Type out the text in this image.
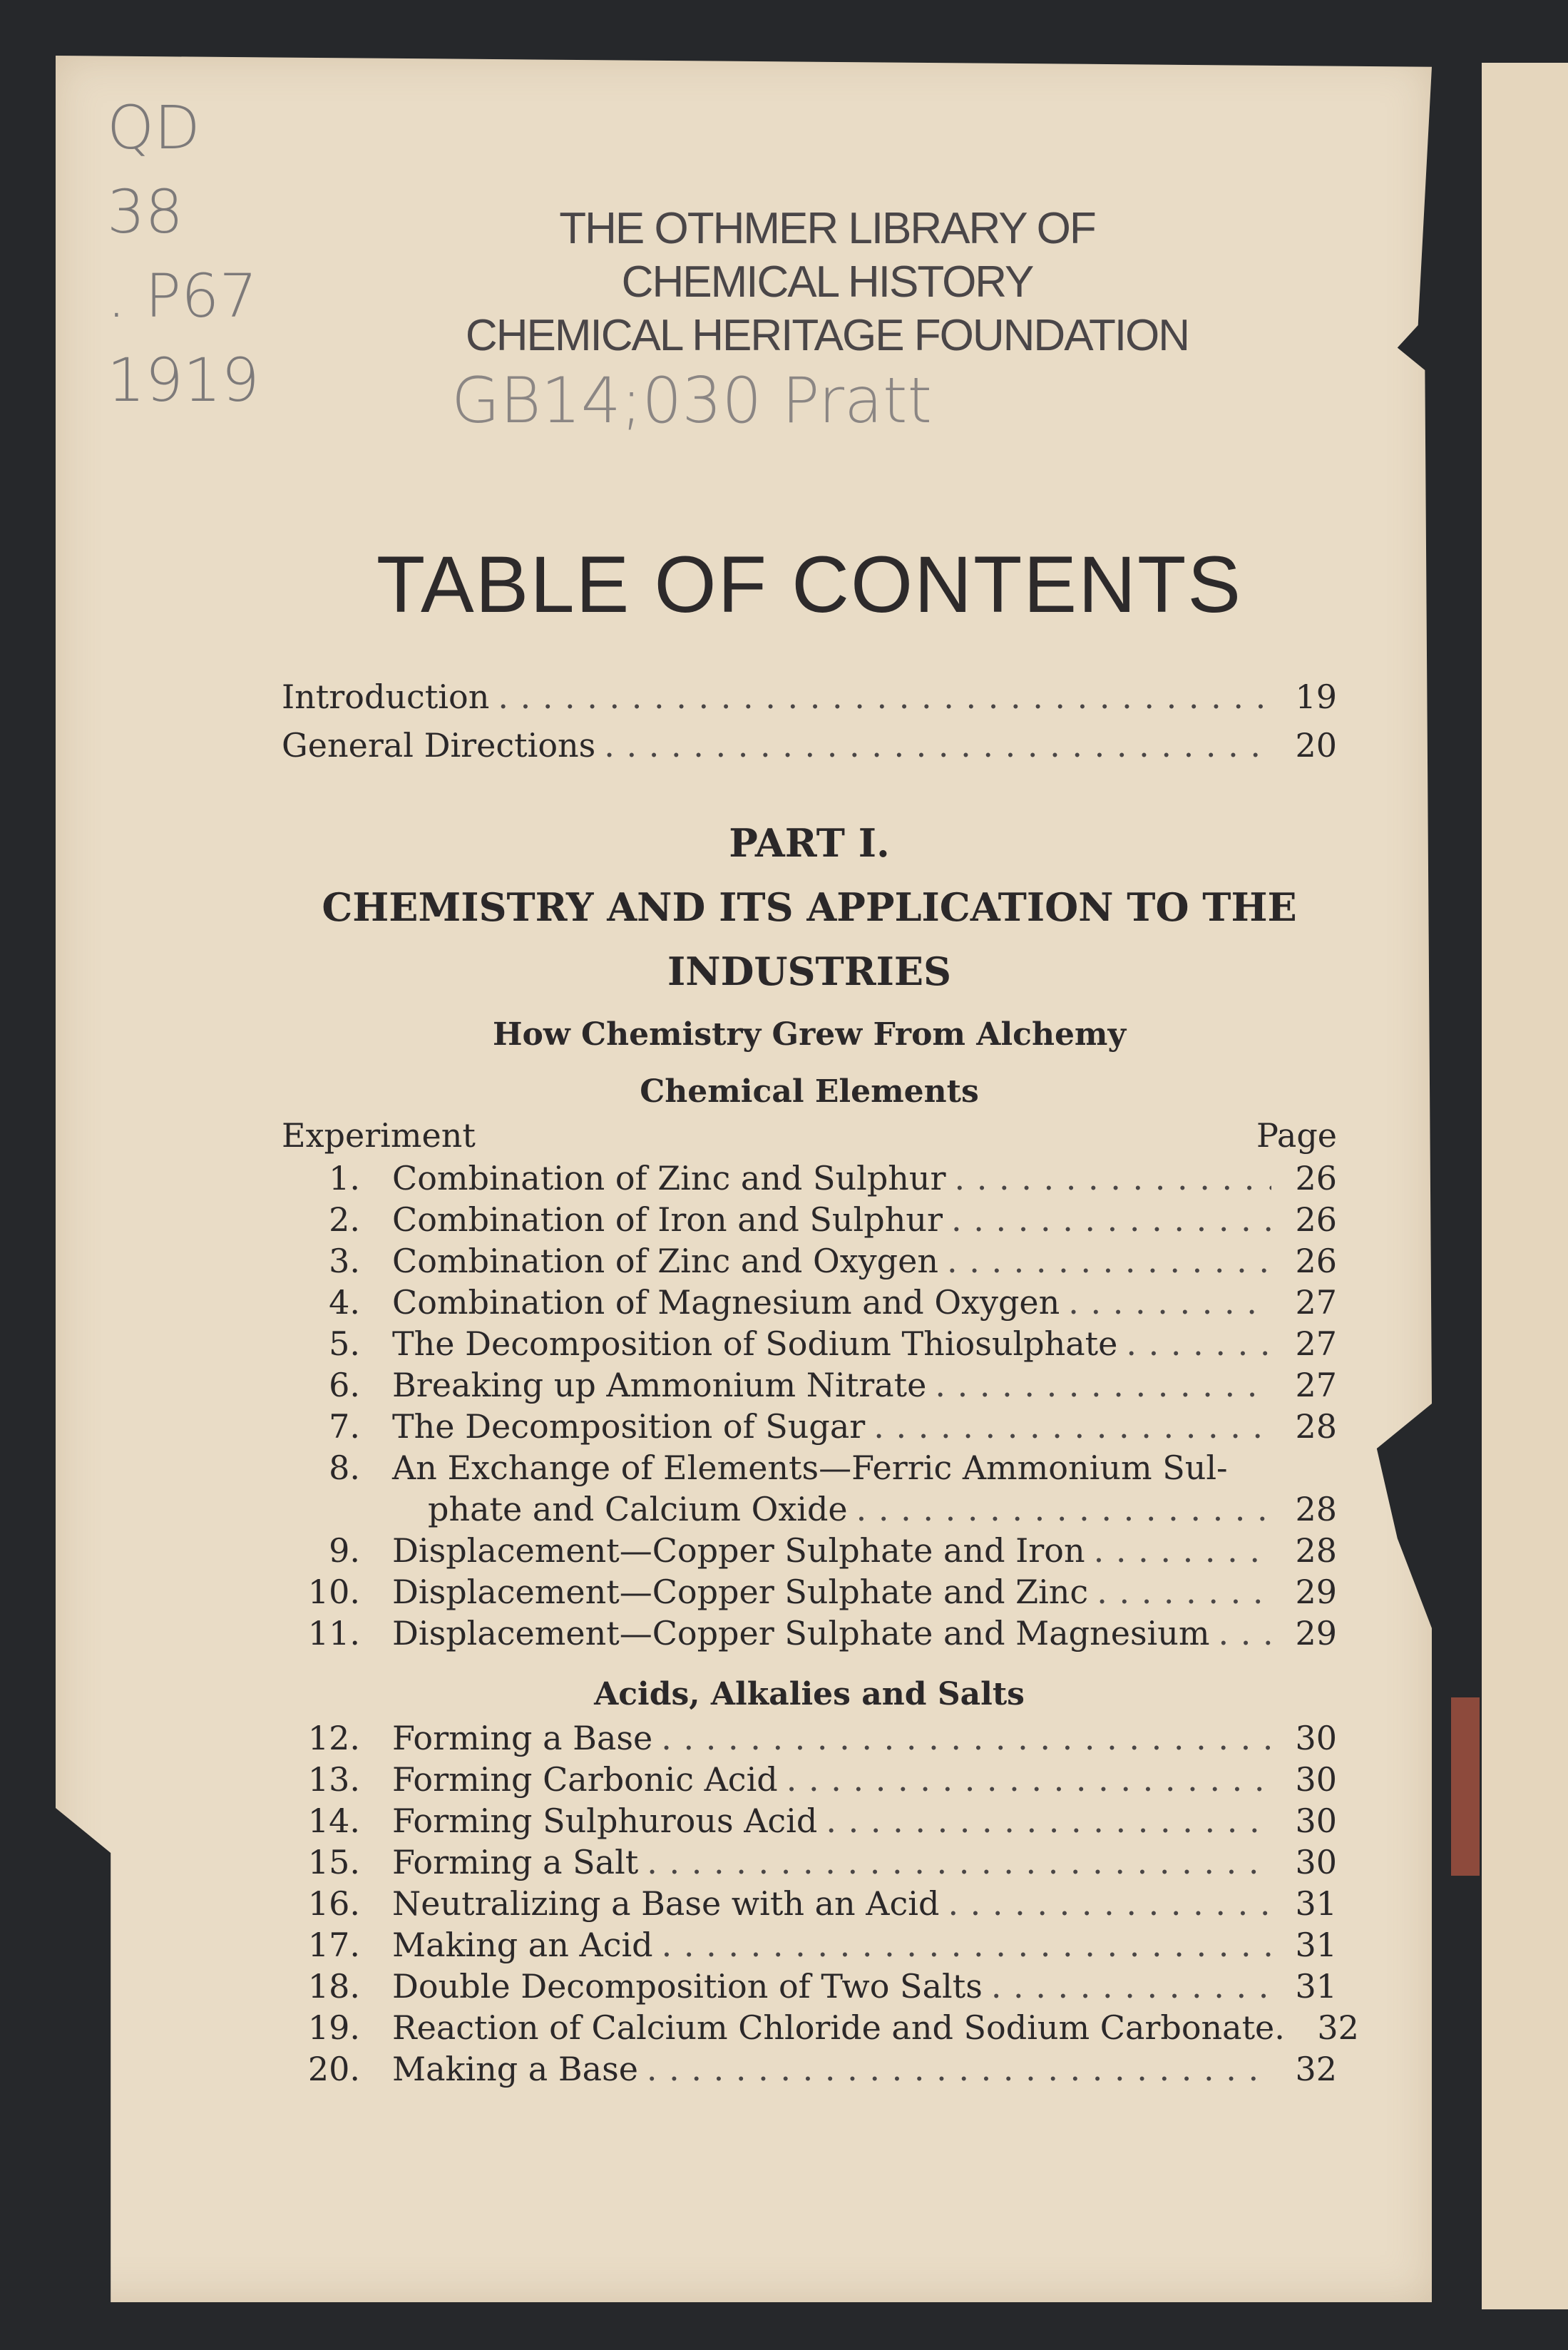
QD
38
. P67
1919
THE OTHMER LIBRARY OF
CHEMICAL HISTORY
CHEMICAL HERITAGE FOUNDATION
GB14;030 Pratt
TABLE OF CONTENTS
Introduction . . .	19
General Directions . . .	20
PART I.
CHEMISTRY AND ITS APPLICATION TO THE
INDUSTRIES
How Chemistry Grew From Alchemy
Chemical Elements
Experiment	Page
1. Combination of Zinc and Sulphur . . .	26
2. Combination of Iron and Sulphur . . .	26
3. Combination of Zinc and Oxygen . . .	26
4. Combination of Magnesium and Oxygen . . .	27
5. The Decomposition of Sodium Thiosulphate . . .	27
6. Breaking up Ammonium Nitrate . . .	27
7. The Decomposition of Sugar . . .	28
8. An Exchange of Elements—Ferric Ammonium Sul-
phate and Calcium Oxide . . .	28
9. Displacement—Copper Sulphate and Iron . . .	28
10. Displacement—Copper Sulphate and Zinc . . .	29
11. Displacement—Copper Sulphate and Magnesium . . .	29
Acids, Alkalies and Salts
12. Forming a Base . . .	30
13. Forming Carbonic Acid . . .	30
14. Forming Sulphurous Acid . . .	30
15. Forming a Salt . . .	30
16. Neutralizing a Base with an Acid . . .	31
17. Making an Acid . . .	31
18. Double Decomposition of Two Salts . . .	31
19. Reaction of Calcium Chloride and Sodium Carbonate. 32
20. Making a Base . . .	32
